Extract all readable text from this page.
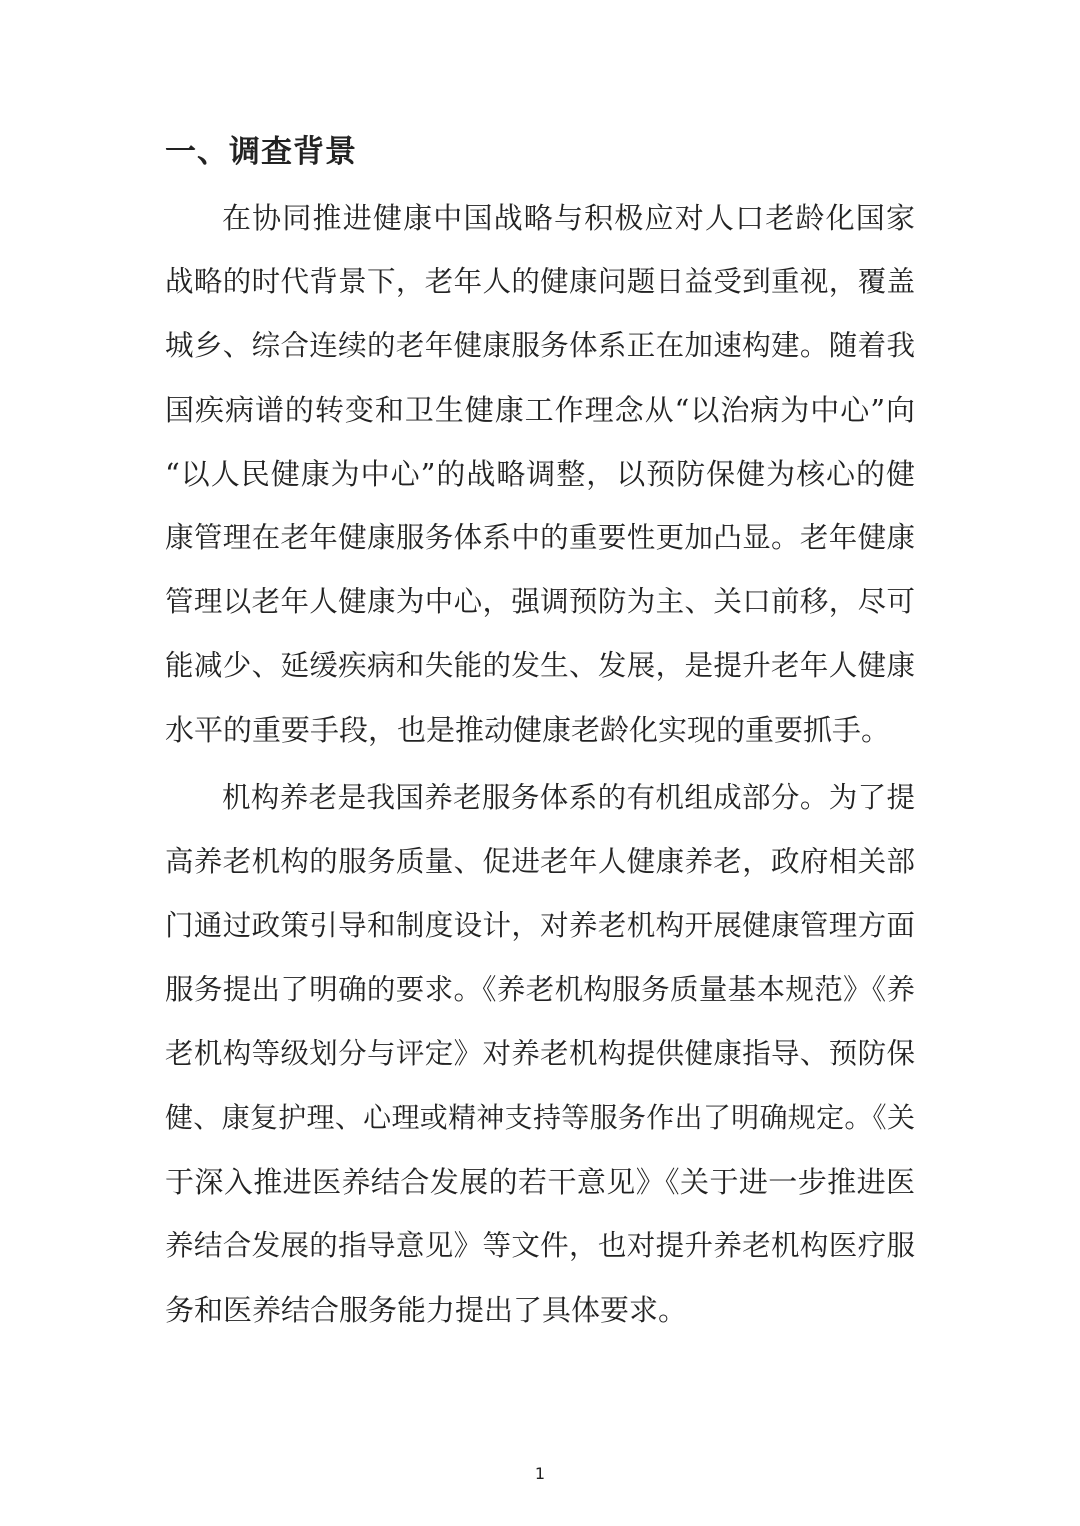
一、调查背景
在协同推进健康中国战略与积极应对人口老龄化国家
战略的时代背景下，老年人的健康问题日益受到重视，覆盖
城乡、综合连续的老年健康服务体系正在加速构建。随着我
国疾病谱的转变和卫生健康工作理念从“以治病为中心”向
“以人民健康为中心”的战略调整，以预防保健为核心的健
康管理在老年健康服务体系中的重要性更加凸显。老年健康
管理以老年人健康为中心，强调预防为主、关口前移，尽可
能减少、延缓疾病和失能的发生、发展，是提升老年人健康
水平的重要手段，也是推动健康老龄化实现的重要抓手。
机构养老是我国养老服务体系的有机组成部分。为了提
高养老机构的服务质量、促进老年人健康养老，政府相关部
门通过政策引导和制度设计，对养老机构开展健康管理方面
服务提出了明确的要求。《养老机构服务质量基本规范》《养
老机构等级划分与评定》对养老机构提供健康指导、预防保
健、康复护理、心理或精神支持等服务作出了明确规定。《关
于深入推进医养结合发展的若干意见》《关于进一步推进医
养结合发展的指导意见》等文件，也对提升养老机构医疗服
务和医养结合服务能力提出了具体要求。
1
